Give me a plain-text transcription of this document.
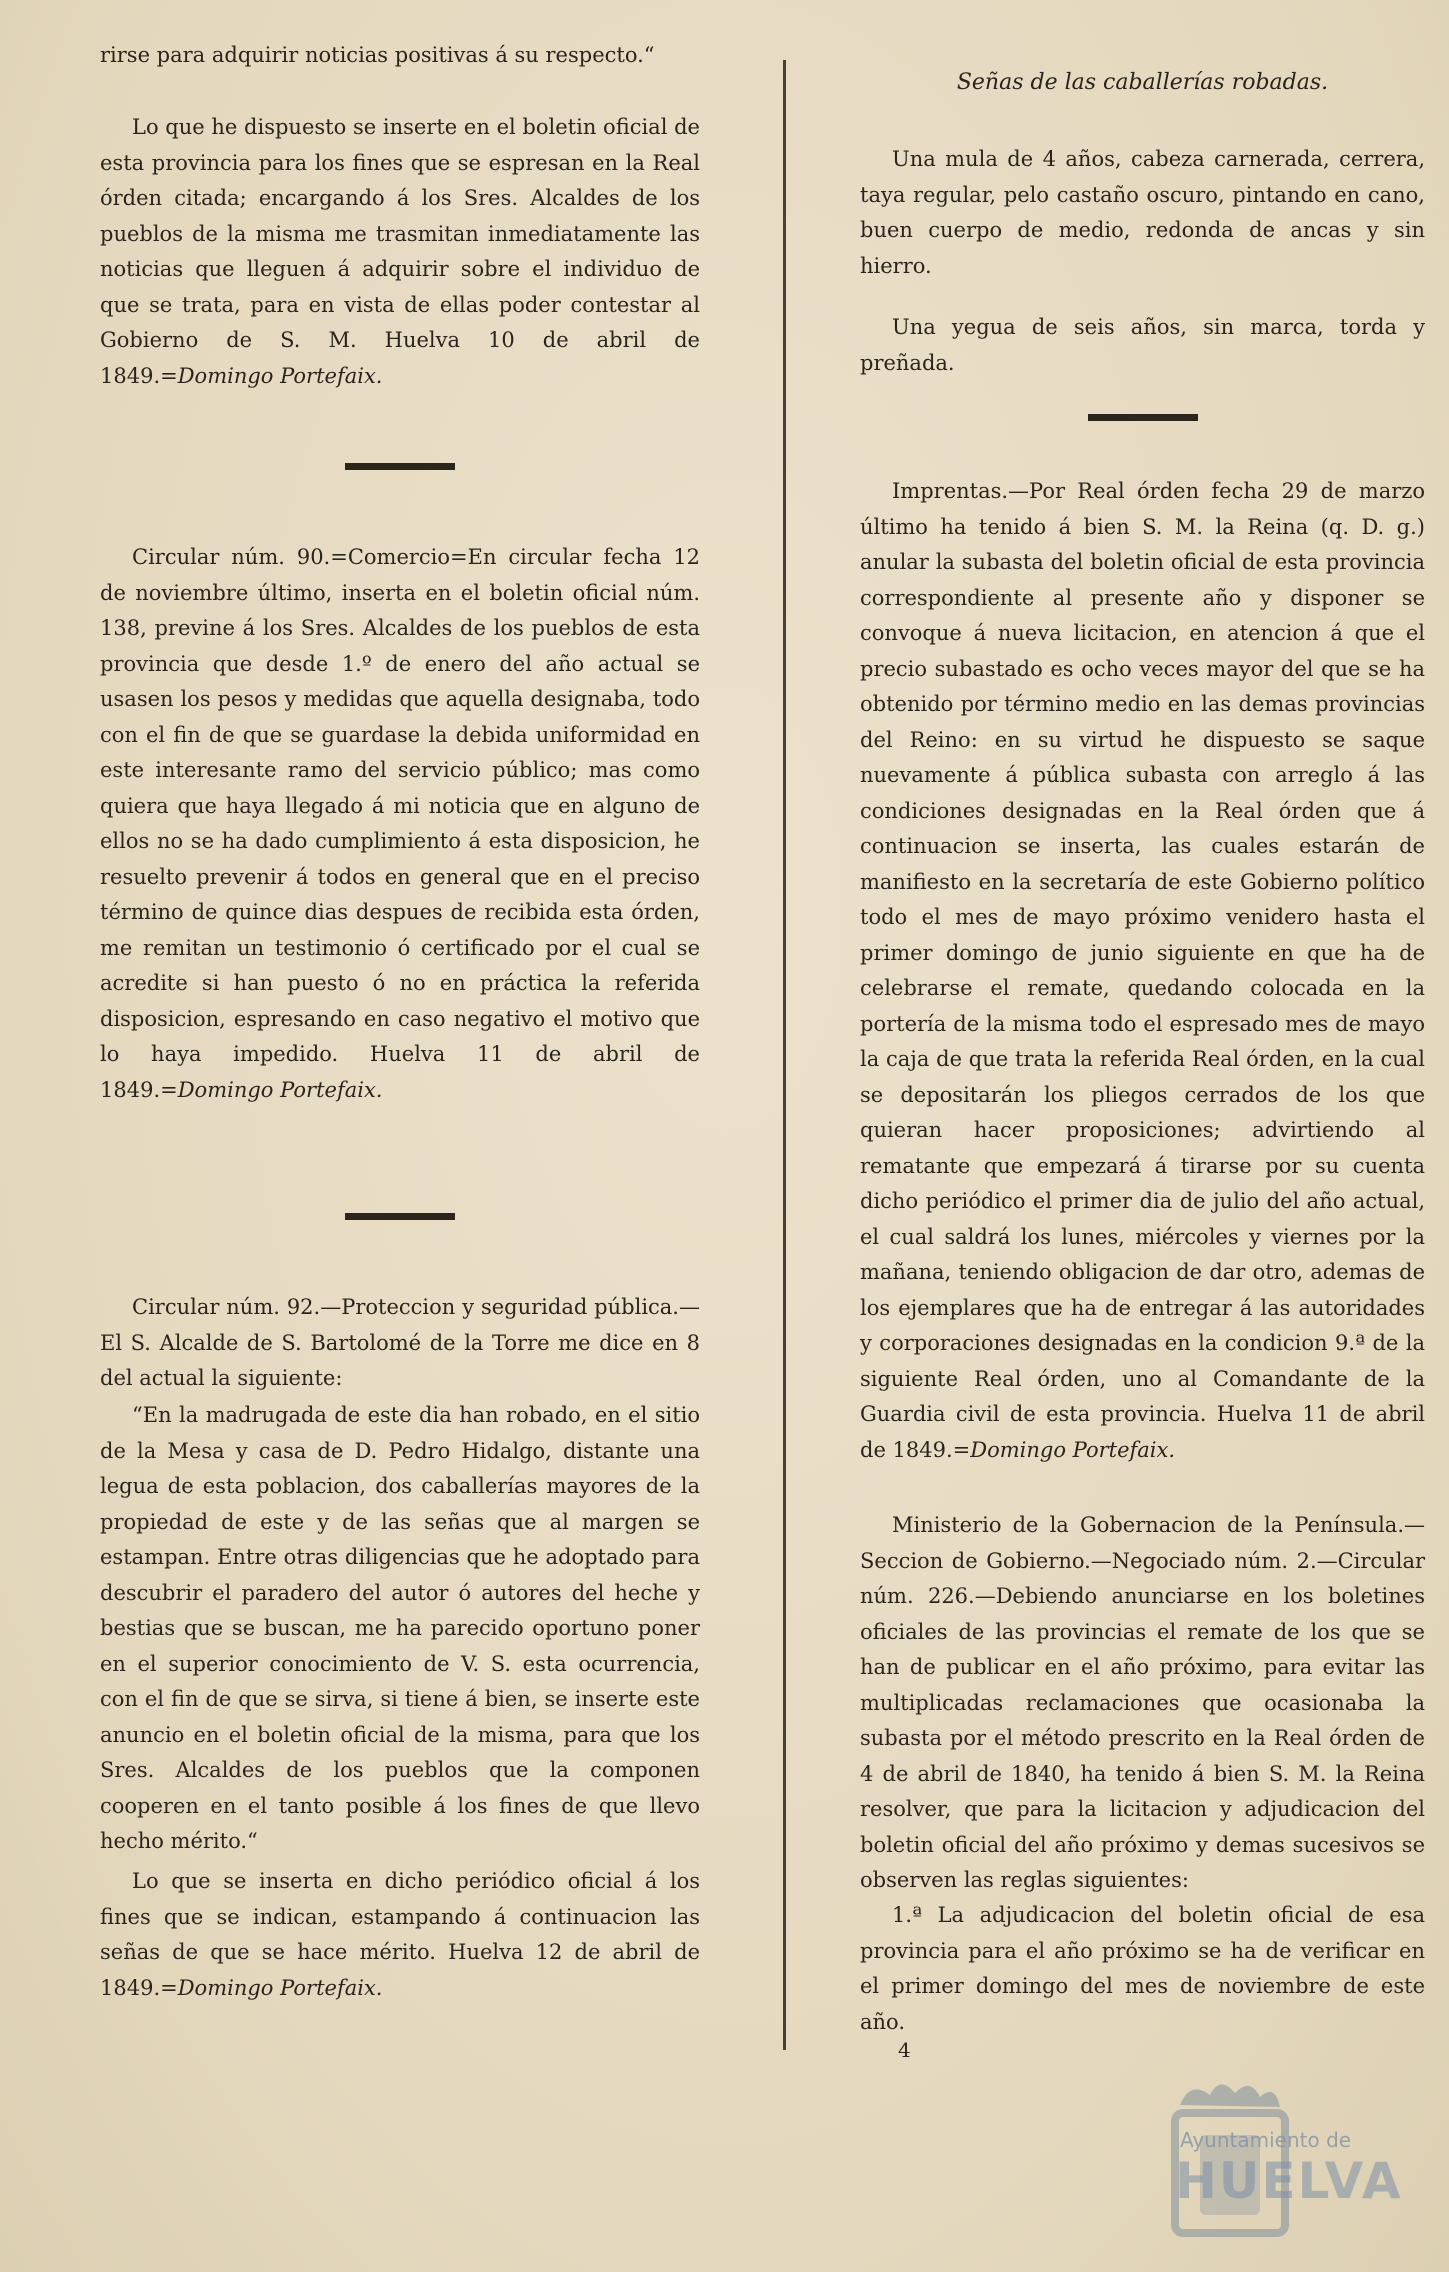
rirse para adquirir noticias positivas á su respecto.“

Lo que he dispuesto se inserte en el boletin oficial de esta provincia para los fines que se espresan en la Real órden citada; encargando á los Sres. Alcaldes de los pueblos de la misma me trasmitan inmediatamente las noticias que lleguen á adquirir sobre el individuo de que se trata, para en vista de ellas poder contestar al Gobierno de S. M. Huelva 10 de abril de 1849.=Domingo Portefaix.

Circular núm. 90.=Comercio=En circular fecha 12 de noviembre último, inserta en el boletin oficial núm. 138, previne á los Sres. Alcaldes de los pueblos de esta provincia que desde 1.º de enero del año actual se usasen los pesos y medidas que aquella designaba, todo con el fin de que se guardase la debida uniformidad en este interesante ramo del servicio público; mas como quiera que haya llegado á mi noticia que en alguno de ellos no se ha dado cumplimiento á esta disposicion, he resuelto prevenir á todos en general que en el preciso término de quince dias despues de recibida esta órden, me remitan un testimonio ó certificado por el cual se acredite si han puesto ó no en práctica la referida disposicion, espresando en caso negativo el motivo que lo haya impedido. Huelva 11 de abril de 1849.=Domingo Portefaix.

Circular núm. 92.—Proteccion y seguridad pública.—El S. Alcalde de S. Bartolomé de la Torre me dice en 8 del actual la siguiente:

“En la madrugada de este dia han robado, en el sitio de la Mesa y casa de D. Pedro Hidalgo, distante una legua de esta poblacion, dos caballerías mayores de la propiedad de este y de las señas que al margen se estampan. Entre otras diligencias que he adoptado para descubrir el paradero del autor ó autores del heche y bestias que se buscan, me ha parecido oportuno poner en el superior conocimiento de V. S. esta ocurrencia, con el fin de que se sirva, si tiene á bien, se inserte este anuncio en el boletin oficial de la misma, para que los Sres. Alcaldes de los pueblos que la componen cooperen en el tanto posible á los fines de que llevo hecho mérito.“

Lo que se inserta en dicho periódico oficial á los fines que se indican, estampando á continuacion las señas de que se hace mérito. Huelva 12 de abril de 1849.=Domingo Portefaix.

Señas de las caballerías robadas.

Una mula de 4 años, cabeza carnerada, cerrera, taya regular, pelo castaño oscuro, pintando en cano, buen cuerpo de medio, redonda de ancas y sin hierro.

Una yegua de seis años, sin marca, torda y preñada.

Imprentas.—Por Real órden fecha 29 de marzo último ha tenido á bien S. M. la Reina (q. D. g.) anular la subasta del boletin oficial de esta provincia correspondiente al presente año y disponer se convoque á nueva licitacion, en atencion á que el precio subastado es ocho veces mayor del que se ha obtenido por término medio en las demas provincias del Reino: en su virtud he dispuesto se saque nuevamente á pública subasta con arreglo á las condiciones designadas en la Real órden que á continuacion se inserta, las cuales estarán de manifiesto en la secretaría de este Gobierno político todo el mes de mayo próximo venidero hasta el primer domingo de junio siguiente en que ha de celebrarse el remate, quedando colocada en la portería de la misma todo el espresado mes de mayo la caja de que trata la referida Real órden, en la cual se depositarán los pliegos cerrados de los que quieran hacer proposiciones; advirtiendo al rematante que empezará á tirarse por su cuenta dicho periódico el primer dia de julio del año actual, el cual saldrá los lunes, miércoles y viernes por la mañana, teniendo obligacion de dar otro, ademas de los ejemplares que ha de entregar á las autoridades y corporaciones designadas en la condicion 9.ª de la siguiente Real órden, uno al Comandante de la Guardia civil de esta provincia. Huelva 11 de abril de 1849.=Domingo Portefaix.

Ministerio de la Gobernacion de la Península.—Seccion de Gobierno.—Negociado núm. 2.—Circular núm. 226.—Debiendo anunciarse en los boletines oficiales de las provincias el remate de los que se han de publicar en el año próximo, para evitar las multiplicadas reclamaciones que ocasionaba la subasta por el método prescrito en la Real órden de 4 de abril de 1840, ha tenido á bien S. M. la Reina resolver, que para la licitacion y adjudicacion del boletin oficial del año próximo y demas sucesivos se observen las reglas siguientes:

1.ª La adjudicacion del boletin oficial de esa provincia para el año próximo se ha de verificar en el primer domingo del mes de noviembre de este año.

4
Ayuntamiento de
HUELVA
